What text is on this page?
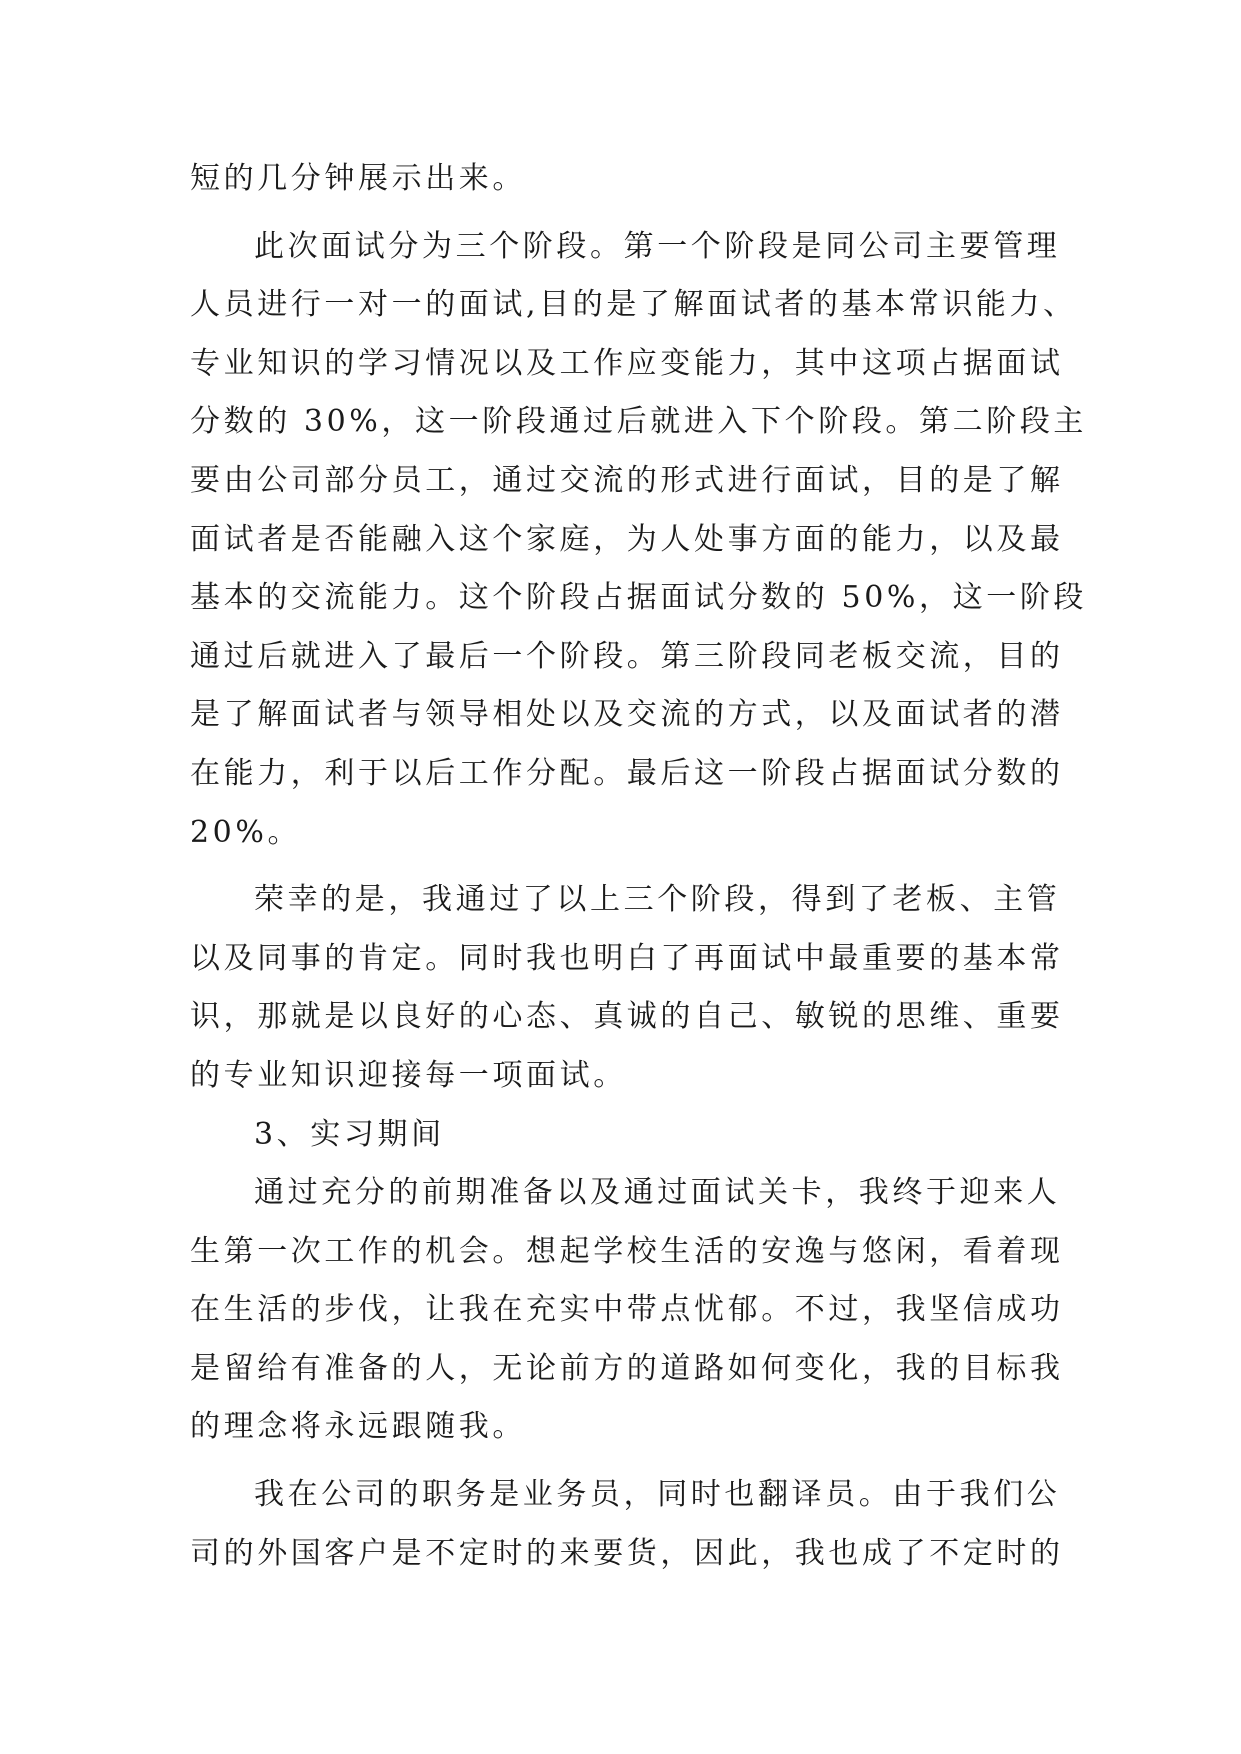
短的几分钟展示出来。
此次面试分为三个阶段。第一个阶段是同公司主要管理
人员进行一对一的面试,目的是了解面试者的基本常识能力、
专业知识的学习情况以及工作应变能力，其中这项占据面试
分数的 30%，这一阶段通过后就进入下个阶段。第二阶段主
要由公司部分员工，通过交流的形式进行面试，目的是了解
面试者是否能融入这个家庭，为人处事方面的能力，以及最
基本的交流能力。这个阶段占据面试分数的 50%，这一阶段
通过后就进入了最后一个阶段。第三阶段同老板交流，目的
是了解面试者与领导相处以及交流的方式，以及面试者的潜
在能力，利于以后工作分配。最后这一阶段占据面试分数的
20%。
荣幸的是，我通过了以上三个阶段，得到了老板、主管
以及同事的肯定。同时我也明白了再面试中最重要的基本常
识，那就是以良好的心态、真诚的自己、敏锐的思维、重要
的专业知识迎接每一项面试。
3、实习期间
通过充分的前期准备以及通过面试关卡，我终于迎来人
生第一次工作的机会。想起学校生活的安逸与悠闲，看着现
在生活的步伐，让我在充实中带点忧郁。不过，我坚信成功
是留给有准备的人，无论前方的道路如何变化，我的目标我
的理念将永远跟随我。
我在公司的职务是业务员，同时也翻译员。由于我们公
司的外国客户是不定时的来要货，因此，我也成了不定时的
